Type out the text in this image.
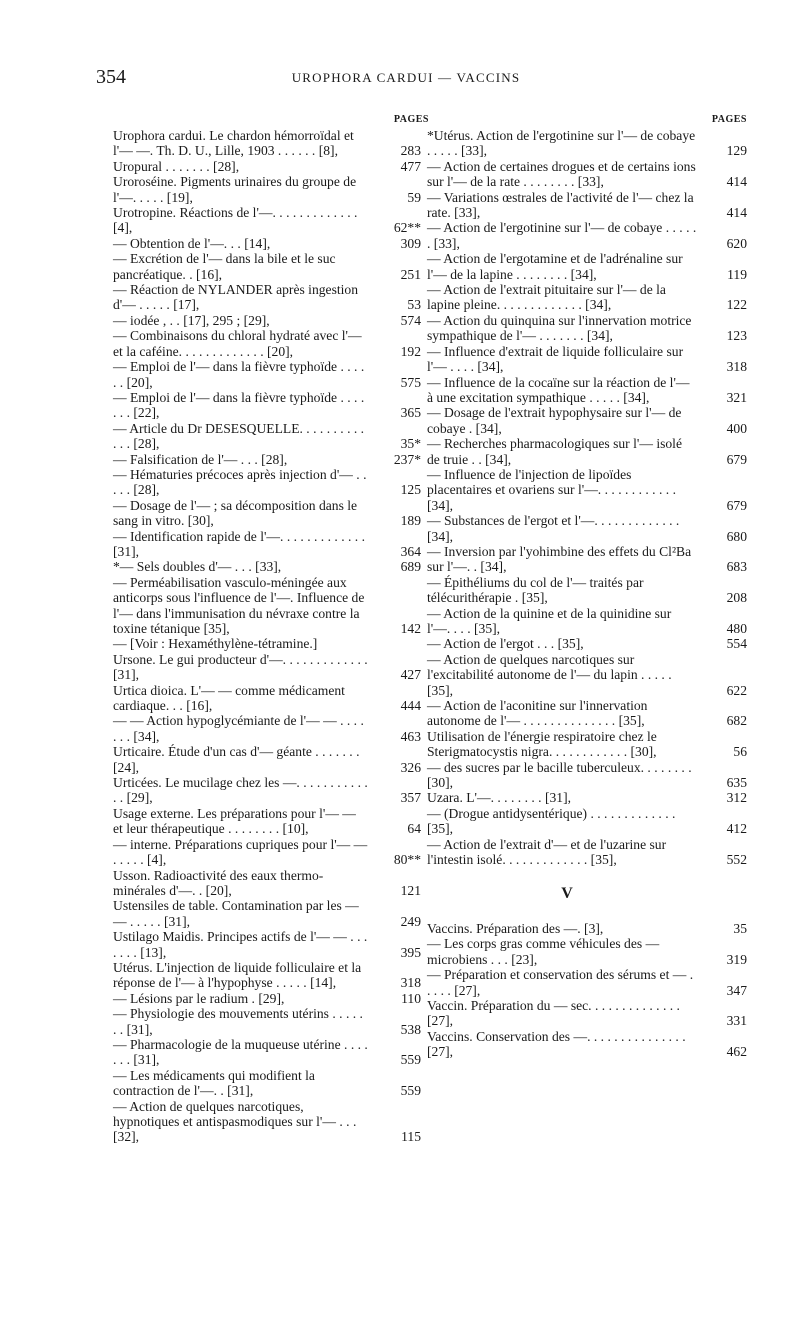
354	UROPHORA CARDUI — VACCINS
PAGES
Urophora cardui. Le chardon hémorroïdal et l'— —. Th. D. U., Lille, 1903 . . . . . . [8],	283
Uropural . . . . . . . [28],	477
Uroroséine. Pigments urinaires du groupe de l'—. . . . . [19],	59
Urotropine. Réactions de l'—. . . . . . . . . . . . . [4],	62**
— Obtention de l'—. . . [14],	309
— Excrétion de l'— dans la bile et le suc pancréatique. . [16],	251
— Réaction de NYLANDER après ingestion d'— . . . . . [17],	53
— iodée , . . [17], 295 ; [29],	574
— Combinaisons du chloral hydraté avec l'— et la caféine. . . . . . . . . . . . . [20],	192
— Emploi de l'— dans la fièvre typhoïde . . . . . . [20],	575
— Emploi de l'— dans la fièvre typhoïde . . . . . . . [22],	365
— Article du Dr DESESQUELLE. . . . . . . . . . . . . [28],	35*
— Falsification de l'— . . . [28],	237*
— Hématuries précoces après injection d'— . . . . . [28],	125
— Dosage de l'— ; sa décomposition dans le sang in vitro. [30],	189
— Identification rapide de l'—. . . . . . . . . . . . . [31],	364
*— Sels doubles d'— . . . [33],	689
— Perméabilisation vasculo-méningée aux anticorps sous l'influence de l'—. Influence de l'— dans l'immunisation du névraxe contre la toxine tétanique [35],	142
— [Voir : Hexaméthylène-tétramine.]
Ursone. Le gui producteur d'—. . . . . . . . . . . . . [31],	427
Urtica dioica. L'— — comme médicament cardiaque. . . [16],	444
— — Action hypoglycémiante de l'— — . . . . . . . [34],	463
Urticaire. Étude d'un cas d'— géante . . . . . . . [24],	326
Urticées. Le mucilage chez les —. . . . . . . . . . . . . [29],	357
Usage externe. Les préparations pour l'— — et leur thérapeutique . . . . . . . . [10],	64
— interne. Préparations cupriques pour l'— — . . . . . [4],	80**
Usson. Radioactivité des eaux thermo-minérales d'—. . [20],	121
Ustensiles de table. Contamination par les — — . . . . . [31],	249
Ustilago Maidis. Principes actifs de l'— — . . . . . . . [13],	395
Utérus. L'injection de liquide folliculaire et la réponse de l'— à l'hypophyse . . . . . [14],	318
— Lésions par le radium . [29],	110
— Physiologie des mouvements utérins . . . . . . . [31],	538
— Pharmacologie de la muqueuse utérine . . . . . . . [31],	559
— Les médicaments qui modifient la contraction de l'—. . [31],	559
— Action de quelques narcotiques, hypnotiques et antispasmodiques sur l'— . . . [32],	115
PAGES
*Utérus. Action de l'ergotinine sur l'— de cobaye . . . . . [33],	129
— Action de certaines drogues et de certains ions sur l'— de la rate . . . . . . . . [33],	414
— Variations œstrales de l'activité de l'— chez la rate. [33],	414
— Action de l'ergotinine sur l'— de cobaye . . . . . . [33],	620
— Action de l'ergotamine et de l'adrénaline sur l'— de la lapine . . . . . . . . [34],	119
— Action de l'extrait pituitaire sur l'— de la lapine pleine. . . . . . . . . . . . . [34],	122
— Action du quinquina sur l'innervation motrice sympathique de l'— . . . . . . . [34],	123
— Influence d'extrait de liquide folliculaire sur l'— . . . . [34],	318
— Influence de la cocaïne sur la réaction de l'— à une excitation sympathique . . . . . [34],	321
— Dosage de l'extrait hypophysaire sur l'— de cobaye . [34],	400
— Recherches pharmacologiques sur l'— isolé de truie . . [34],	679
— Influence de l'injection de lipoïdes placentaires et ovariens sur l'—. . . . . . . . . . . . [34],	679
— Substances de l'ergot et l'—. . . . . . . . . . . . . [34],	680
— Inversion par l'yohimbine des effets du Cl²Ba sur l'—. . [34],	683
— Épithéliums du col de l'— traités par télécurithérapie . [35],	208
— Action de la quinine et de la quinidine sur l'—. . . . [35],	480
— Action de l'ergot . . . [35],	554
— Action de quelques narcotiques sur l'excitabilité autonome de l'— du lapin . . . . . [35],	622
— Action de l'aconitine sur l'innervation autonome de l'— . . . . . . . . . . . . . . [35],	682
Utilisation de l'énergie respiratoire chez le Sterigmatocystis nigra. . . . . . . . . . . . [30],	56
— des sucres par le bacille tuberculeux. . . . . . . . [30],	635
Uzara. L'—. . . . . . . . [31],	312
— (Drogue antidysentérique) . . . . . . . . . . . . . [35],	412
— Action de l'extrait d'— et de l'uzarine sur l'intestin isolé. . . . . . . . . . . . . [35],	552
V
Vaccins. Préparation des —. [3],	35
— Les corps gras comme véhicules des — microbiens . . . [23],	319
— Préparation et conservation des sérums et — . . . . . [27],	347
Vaccin. Préparation du — sec. . . . . . . . . . . . . . [27],	331
Vaccins. Conservation des —. . . . . . . . . . . . . . .[27],	462
